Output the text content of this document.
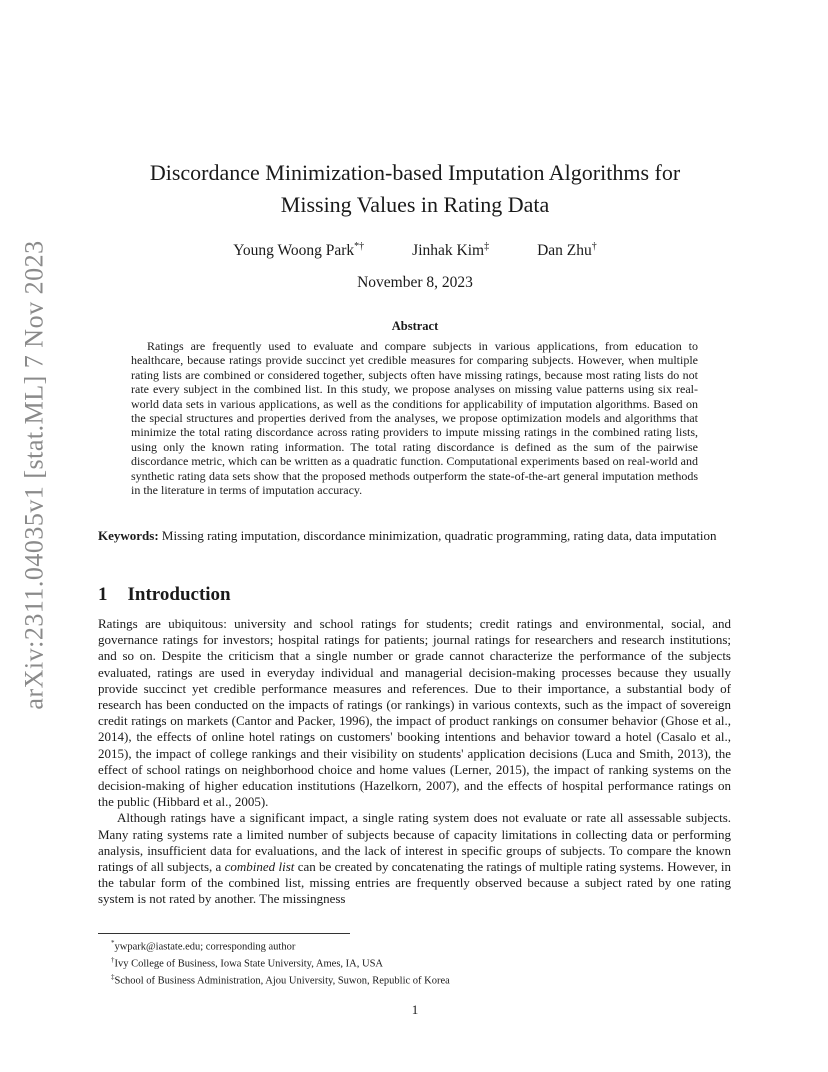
arXiv:2311.04035v1 [stat.ML] 7 Nov 2023
Discordance Minimization-based Imputation Algorithms for
Missing Values in Rating Data
Young Woong Park*†	Jinhak Kim‡	Dan Zhu†
November 8, 2023
Abstract
Ratings are frequently used to evaluate and compare subjects in various applications, from education to healthcare, because ratings provide succinct yet credible measures for comparing subjects. However, when multiple rating lists are combined or considered together, subjects often have missing ratings, because most rating lists do not rate every subject in the combined list. In this study, we propose analyses on missing value patterns using six real-world data sets in various applications, as well as the conditions for applicability of imputation algorithms. Based on the special structures and properties derived from the analyses, we propose optimization models and algorithms that minimize the total rating discordance across rating providers to impute missing ratings in the combined rating lists, using only the known rating information. The total rating discordance is defined as the sum of the pairwise discordance metric, which can be written as a quadratic function. Computational experiments based on real-world and synthetic rating data sets show that the proposed methods outperform the state-of-the-art general imputation methods in the literature in terms of imputation accuracy.
Keywords: Missing rating imputation, discordance minimization, quadratic programming, rating data, data imputation
1 Introduction

Ratings are ubiquitous: university and school ratings for students; credit ratings and environmental, social, and governance ratings for investors; hospital ratings for patients; journal ratings for researchers and research institutions; and so on. Despite the criticism that a single number or grade cannot characterize the performance of the subjects evaluated, ratings are used in everyday individual and managerial decision-making processes because they usually provide succinct yet credible performance measures and references. Due to their importance, a substantial body of research has been conducted on the impacts of ratings (or rankings) in various contexts, such as the impact of sovereign credit ratings on markets (Cantor and Packer, 1996), the impact of product rankings on consumer behavior (Ghose et al., 2014), the effects of online hotel ratings on customers' booking intentions and behavior toward a hotel (Casalo et al., 2015), the impact of college rankings and their visibility on students' application decisions (Luca and Smith, 2013), the effect of school ratings on neighborhood choice and home values (Lerner, 2015), the impact of ranking systems on the decision-making of higher education institutions (Hazelkorn, 2007), and the effects of hospital performance ratings on the public (Hibbard et al., 2005).

Although ratings have a significant impact, a single rating system does not evaluate or rate all assessable subjects. Many rating systems rate a limited number of subjects because of capacity limitations in collecting data or performing analysis, insufficient data for evaluations, and the lack of interest in specific groups of subjects. To compare the known ratings of all subjects, a combined list can be created by concatenating the ratings of multiple rating systems. However, in the tabular form of the combined list, missing entries are frequently observed because a subject rated by one rating system is not rated by another. The missingness

*ywpark@iastate.edu; corresponding author
†Ivy College of Business, Iowa State University, Ames, IA, USA
‡School of Business Administration, Ajou University, Suwon, Republic of Korea
1
